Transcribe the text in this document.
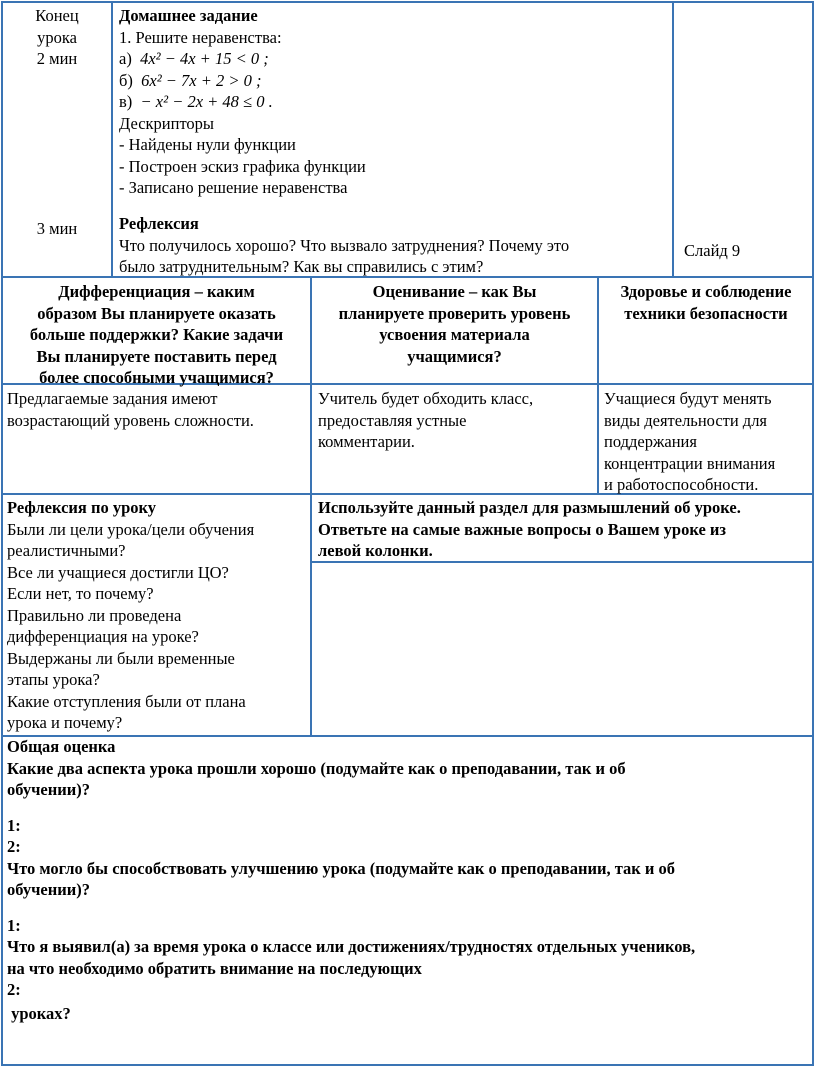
Конец
урока
2 мин
3 мин
Домашнее задание
1. Решите неравенства:
а) 4x² − 4x + 15 < 0 ;
б) 6x² − 7x + 2 > 0 ;
в) − x² − 2x + 48 ≤ 0 .
Дескрипторы
- Найдены нули функции
- Построен эскиз графика функции
- Записано решение неравенства
Рефлексия
Что получилось хорошо? Что вызвало затруднения? Почему это
было затруднительным? Как вы справились с этим?
Слайд 9
Дифференциация – каким
образом Вы планируете оказать
больше поддержки? Какие задачи
Вы планируете поставить перед
более способными учащимися?
Оценивание – как Вы
планируете проверить уровень
усвоения материала
учащимися?
Здоровье и соблюдение
техники безопасности
Предлагаемые задания имеют
возрастающий уровень сложности.
Учитель будет обходить класс,
предоставляя устные
комментарии.
Учащиеся будут менять
виды деятельности для
поддержания
концентрации внимания
и работоспособности.
Рефлексия по уроку
Были ли цели урока/цели обучения
реалистичными?
Все ли учащиеся достигли ЦО?
Если нет, то почему?
Правильно ли проведена
дифференциация на уроке?
Выдержаны ли были временные
этапы урока?
Какие отступления были от плана
урока и почему?
Используйте данный раздел для размышлений об уроке.
Ответьте на самые важные вопросы о Вашем уроке из
левой колонки.
Общая оценка
Какие два аспекта урока прошли хорошо (подумайте как о преподавании, так и об
обучении)?
1:
2:
Что могло бы способствовать улучшению урока (подумайте как о преподавании, так и об
обучении)?
1:
Что я выявил(а) за время урока о классе или достижениях/трудностях отдельных учеников,
на что необходимо обратить внимание на последующих
2:
уроках?
